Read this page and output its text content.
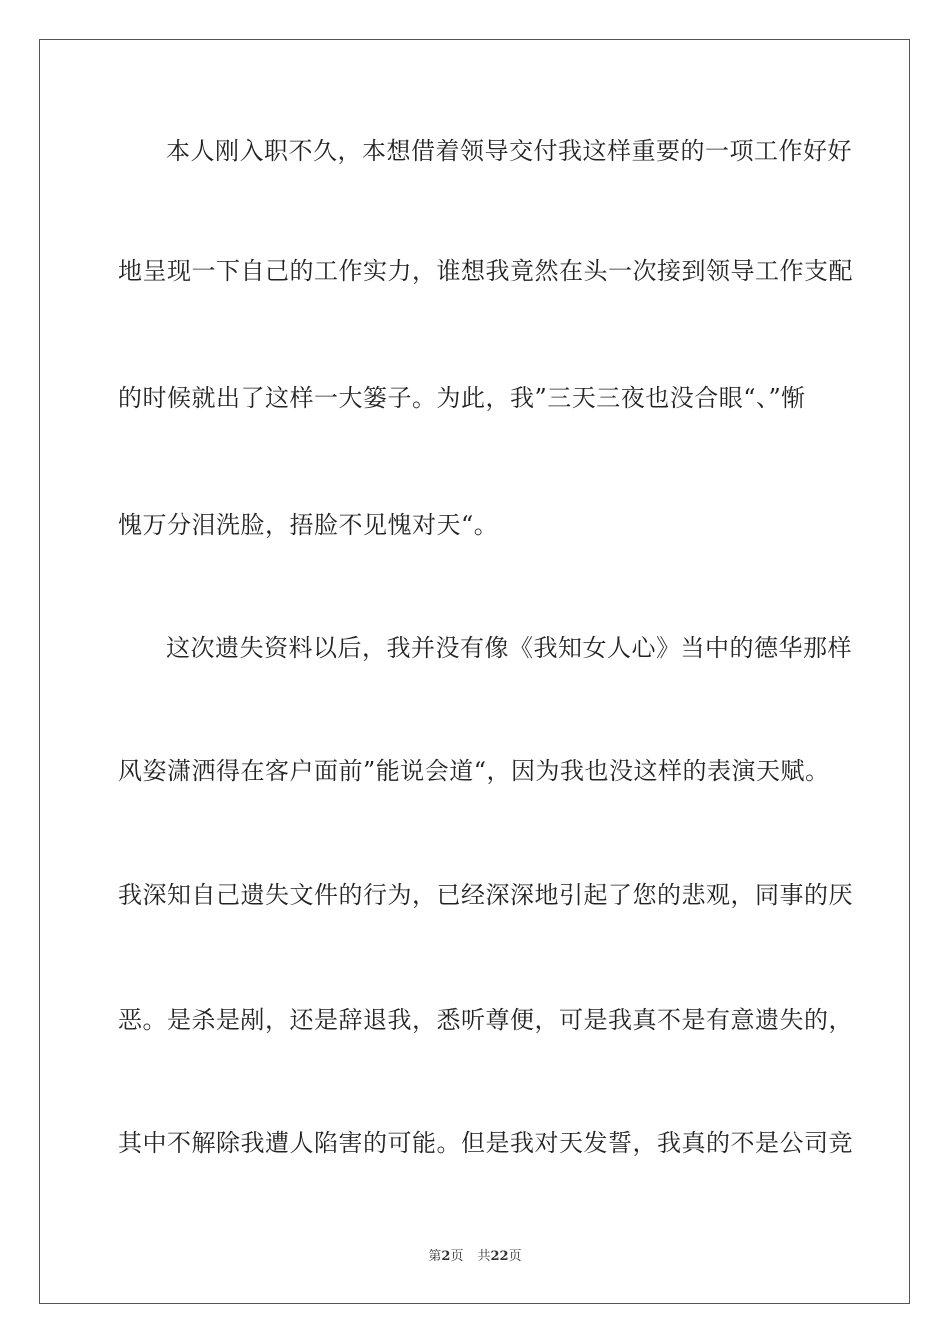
本人刚入职不久，本想借着领导交付我这样重要的一项工作好好
地呈现一下自己的工作实力，谁想我竟然在头一次接到领导工作支配
的时候就出了这样一大篓子。为此，我”三天三夜也没合眼“、”惭
愧万分泪洗脸，捂脸不见愧对天“。
这次遗失资料以后，我并没有像《我知女人心》当中的德华那样
风姿潇洒得在客户面前”能说会道“，因为我也没这样的表演天赋。
我深知自己遗失文件的行为，已经深深地引起了您的悲观，同事的厌
恶。是杀是剐，还是辞退我，悉听尊便，可是我真不是有意遗失的，
其中不解除我遭人陷害的可能。但是我对天发誓，我真的不是公司竞
第2页 共22页
